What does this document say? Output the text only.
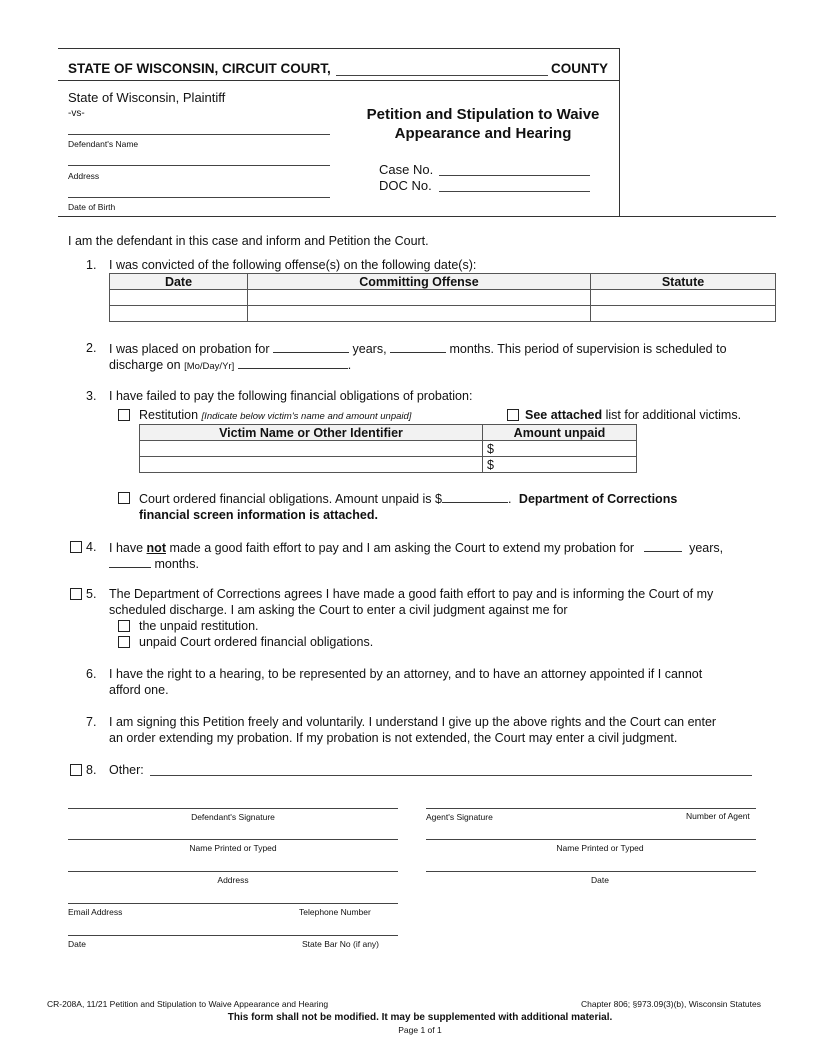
STATE OF WISCONSIN, CIRCUIT COURT,	COUNTY
State of Wisconsin, Plaintiff
-vs-
Defendant's Name
Address
Date of Birth
Petition and Stipulation to Waive
Appearance and Hearing
Case No.
DOC No.
I am the defendant in this case and inform and Petition the Court.
1. I was convicted of the following offense(s) on the following date(s):
Date	Committing Offense	Statute

2. I was placed on probation for	years,	months. This period of supervision is scheduled to
discharge on [Mo/Day/Yr]	.
3. I have failed to pay the following financial obligations of probation:
Restitution [Indicate below victim's name and amount unpaid]	See attached list for additional victims.
Victim Name or Other Identifier	Amount unpaid
	$
	$
Court ordered financial obligations. Amount unpaid is $	. Department of Corrections
financial screen information is attached.
4. I have not made a good faith effort to pay and I am asking the Court to extend my probation for	years,
months.
5. The Department of Corrections agrees I have made a good faith effort to pay and is informing the Court of my
scheduled discharge. I am asking the Court to enter a civil judgment against me for
the unpaid restitution.
unpaid Court ordered financial obligations.
6. I have the right to a hearing, to be represented by an attorney, and to have an attorney appointed if I cannot
afford one.
7. I am signing this Petition freely and voluntarily. I understand I give up the above rights and the Court can enter
an order extending my probation. If my probation is not extended, the Court may enter a civil judgment.
8. Other:
Defendant's Signature
Name Printed or Typed
Address
Email Address	Telephone Number
Date	State Bar No (if any)
Agent's Signature	Number of Agent
Name Printed or Typed
Date
CR-208A, 11/21 Petition and Stipulation to Waive Appearance and Hearing	Chapter 806; §973.09(3)(b), Wisconsin Statutes
This form shall not be modified. It may be supplemented with additional material.
Page 1 of 1
